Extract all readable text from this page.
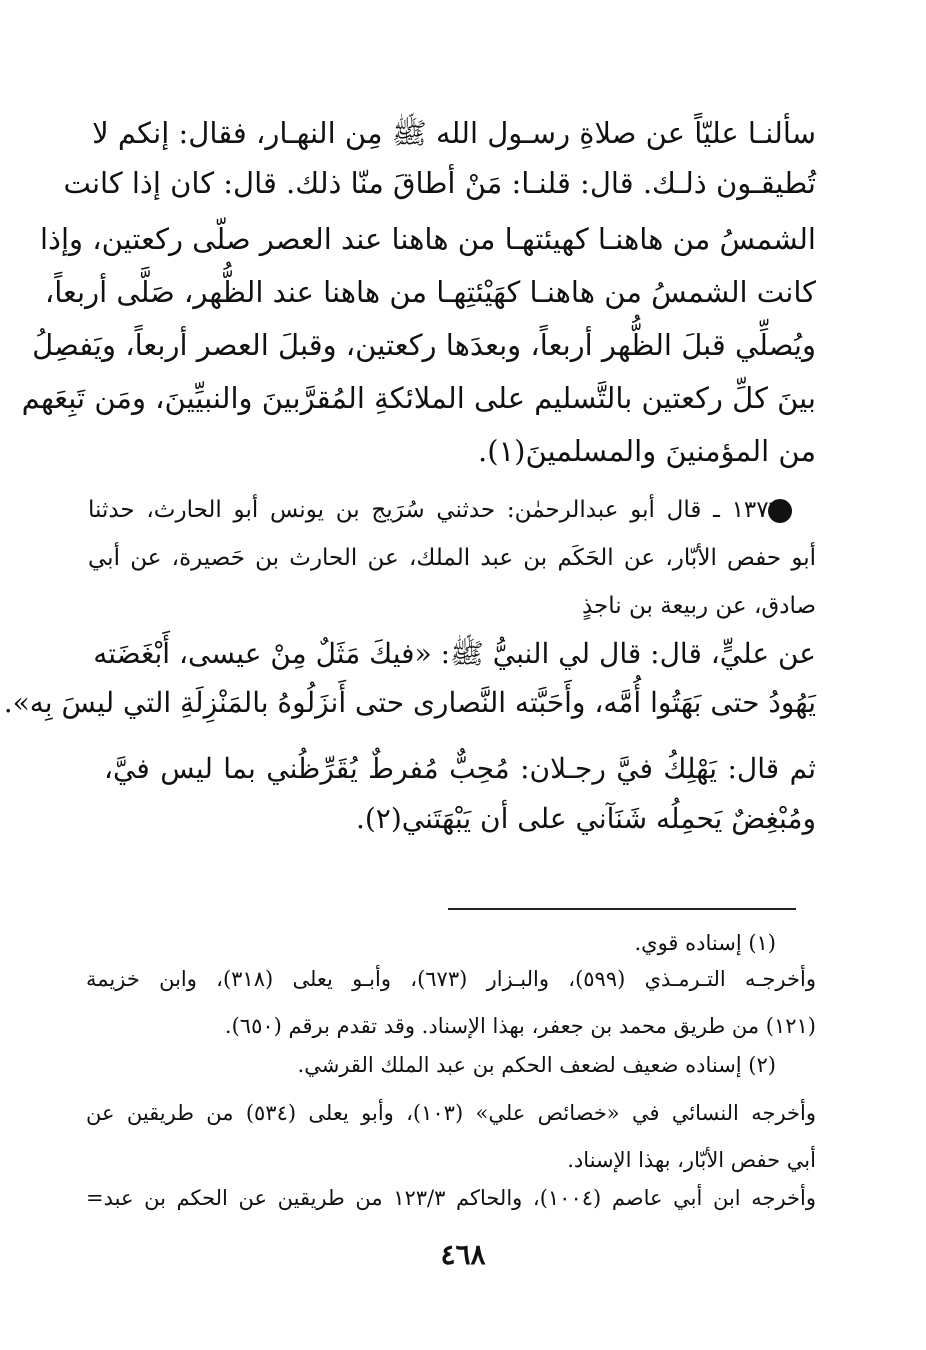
سألنـا عليّاً عن صلاةِ رسـول الله ﷺ مِن النهـار، فقال: إنكم لا
تُطيقـون ذلـك. قال: قلنـا: مَنْ أطاقَ منّا ذلك. قال: كان إذا كانت
الشمسُ من هاهنـا كهيئتهـا من هاهنا عند العصر صلّى ركعتين، وإذا
كانت الشمسُ من هاهنـا كهَيْئتِهـا من هاهنا عند الظُّهر، صَلَّى أربعاً،
ويُصلِّي قبلَ الظُّهر أربعاً، وبعدَها ركعتين، وقبلَ العصر أربعاً، ويَفصِلُ
بينَ كلِّ ركعتين بالتَّسليم على الملائكةِ المُقرَّبينَ والنبيِّينَ، ومَن تَبِعَهم
من المؤمنينَ والمسلمينَ(١).
١٣٧٦ ـ قال أبو عبدالرحمٰن: حدثني سُرَيج بن يونس أبو الحارث، حدثنا
أبو حفص الأبّار، عن الحَكَم بن عبد الملك، عن الحارث بن حَصيرة، عن أبي
صادق، عن ربيعة بن ناجذٍ
عن عليٍّ، قال: قال لي النبيُّ ﷺ: «فيكَ مَثَلٌ مِنْ عيسى، أَبْغَضَته
يَهُودُ حتى بَهَتُوا أُمَّه، وأَحَبَّته النَّصارى حتى أَنزَلُوهُ بالمَنْزِلَةِ التي ليسَ بِه».
ثم قال: يَهْلِكُ فيَّ رجـلان: مُحِبٌّ مُفرطٌ يُقَرِّظُني بما ليس فيَّ،
ومُبْغِضٌ يَحمِلُه شَنَآني على أن يَبْهَتَني(٢).
(١) إسناده قوي.
وأخرجـه التـرمـذي (٥٩٩)، والبـزار (٦٧٣)، وأبـو يعلى (٣١٨)، وابن خزيمة
(١٢١) من طريق محمد بن جعفر، بهذا الإسناد. وقد تقدم برقم (٦٥٠).
(٢) إسناده ضعيف لضعف الحكم بن عبد الملك القرشي.
وأخرجه النسائي في «خصائص علي» (١٠٣)، وأبو يعلى (٥٣٤) من طريقين عن
أبي حفص الأبّار، بهذا الإسناد.
وأخرجه ابن أبي عاصم (١٠٠٤)، والحاكم ١٢٣/٣ من طريقين عن الحكم بن عبد=
٤٦٨
